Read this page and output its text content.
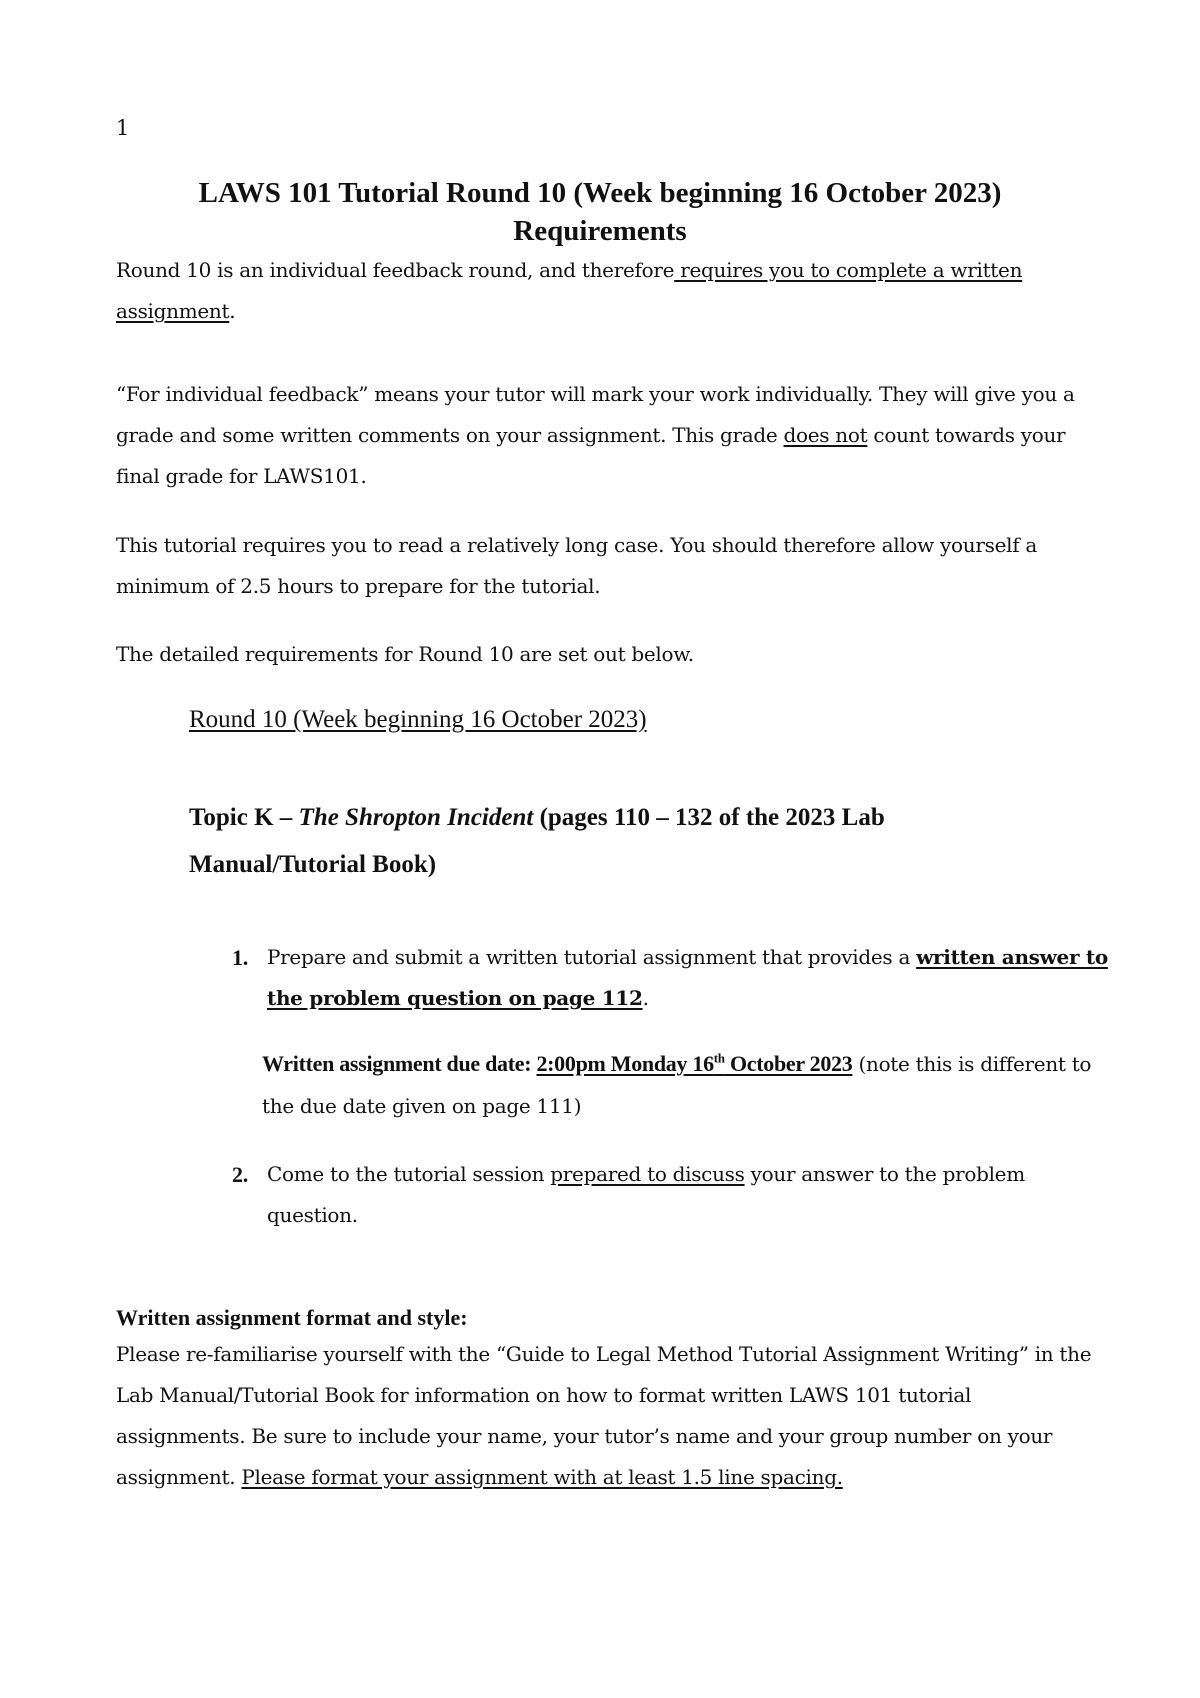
1
LAWS 101 Tutorial Round 10 (Week beginning 16 October 2023)
Requirements
Round 10 is an individual feedback round, and therefore requires you to complete a written assignment.
“For individual feedback” means your tutor will mark your work individually. They will give you a grade and some written comments on your assignment. This grade does not count towards your final grade for LAWS101.
This tutorial requires you to read a relatively long case. You should therefore allow yourself a minimum of 2.5 hours to prepare for the tutorial.
The detailed requirements for Round 10 are set out below.
Round 10 (Week beginning 16 October 2023)
Topic K – The Shropton Incident (pages 110 – 132 of the 2023 Lab Manual/Tutorial Book)
1. Prepare and submit a written tutorial assignment that provides a written answer to the problem question on page 112.
Written assignment due date: 2:00pm Monday 16th October 2023 (note this is different to the due date given on page 111)
2. Come to the tutorial session prepared to discuss your answer to the problem question.
Written assignment format and style:
Please re-familiarise yourself with the “Guide to Legal Method Tutorial Assignment Writing” in the Lab Manual/Tutorial Book for information on how to format written LAWS 101 tutorial assignments. Be sure to include your name, your tutor’s name and your group number on your assignment. Please format your assignment with at least 1.5 line spacing.
